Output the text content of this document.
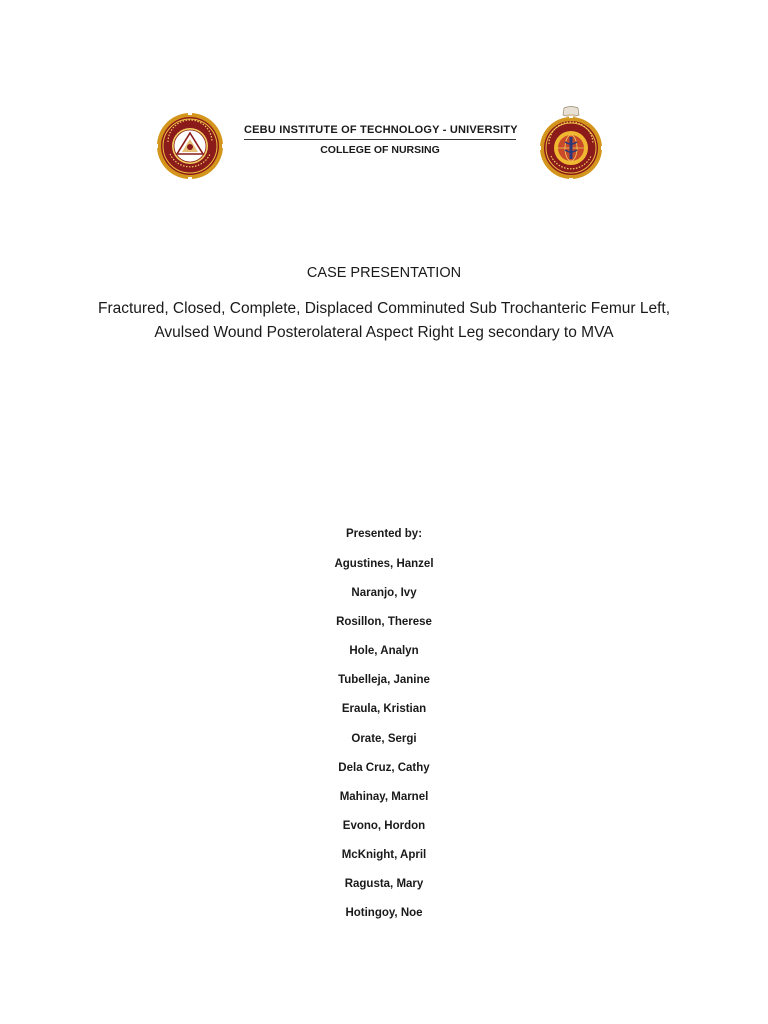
CEBU INSTITUTE OF TECHNOLOGY - UNIVERSITY
COLLEGE OF NURSING
CASE PRESENTATION
Fractured, Closed, Complete, Displaced Comminuted Sub Trochanteric Femur Left, Avulsed Wound Posterolateral Aspect Right Leg secondary to MVA
Presented by:
Agustines, Hanzel
Naranjo, Ivy
Rosillon, Therese
Hole, Analyn
Tubelleja, Janine
Eraula, Kristian
Orate, Sergi
Dela Cruz, Cathy
Mahinay, Marnel
Evono, Hordon
McKnight, April
Ragusta, Mary
Hotingoy, Noe
